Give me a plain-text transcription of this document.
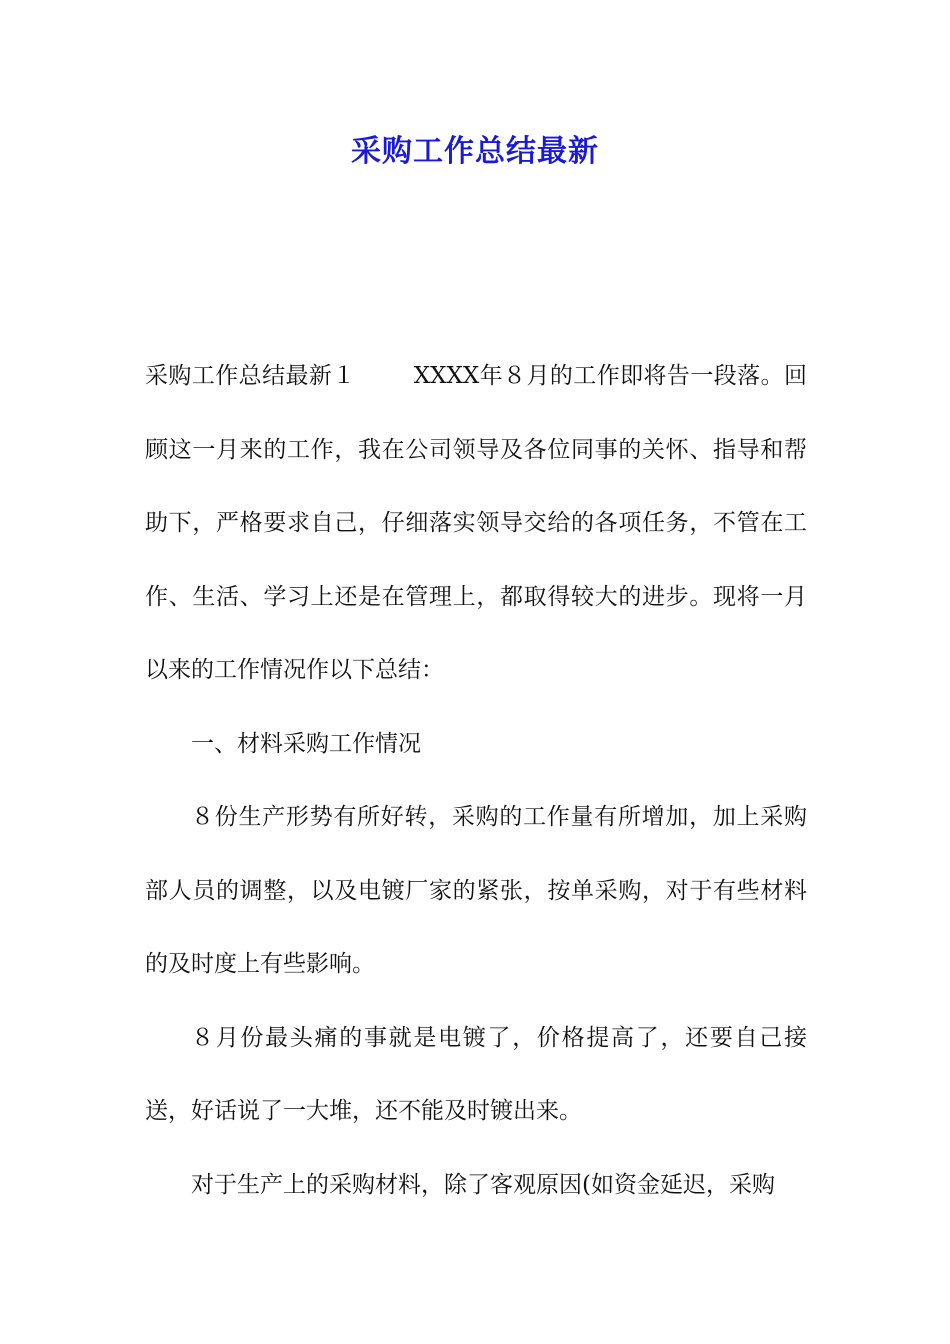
采购工作总结最新

采购工作总结最新１	XXXX年８月的工作即将告一段落。回顾这一月来的工作，我在公司领导及各位同事的关怀、指导和帮助下，严格要求自己，仔细落实领导交给的各项任务，不管在工作、生活、学习上还是在管理上，都取得较大的进步。现将一月以来的工作情况作以下总结：

一、材料采购工作情况

８份生产形势有所好转，采购的工作量有所增加，加上采购部人员的调整，以及电镀厂家的紧张，按单采购，对于有些材料的及时度上有些影响。

８月份最头痛的事就是电镀了，价格提高了，还要自己接送，好话说了一大堆，还不能及时镀出来。

对于生产上的采购材料，除了客观原因(如资金延迟，采购
